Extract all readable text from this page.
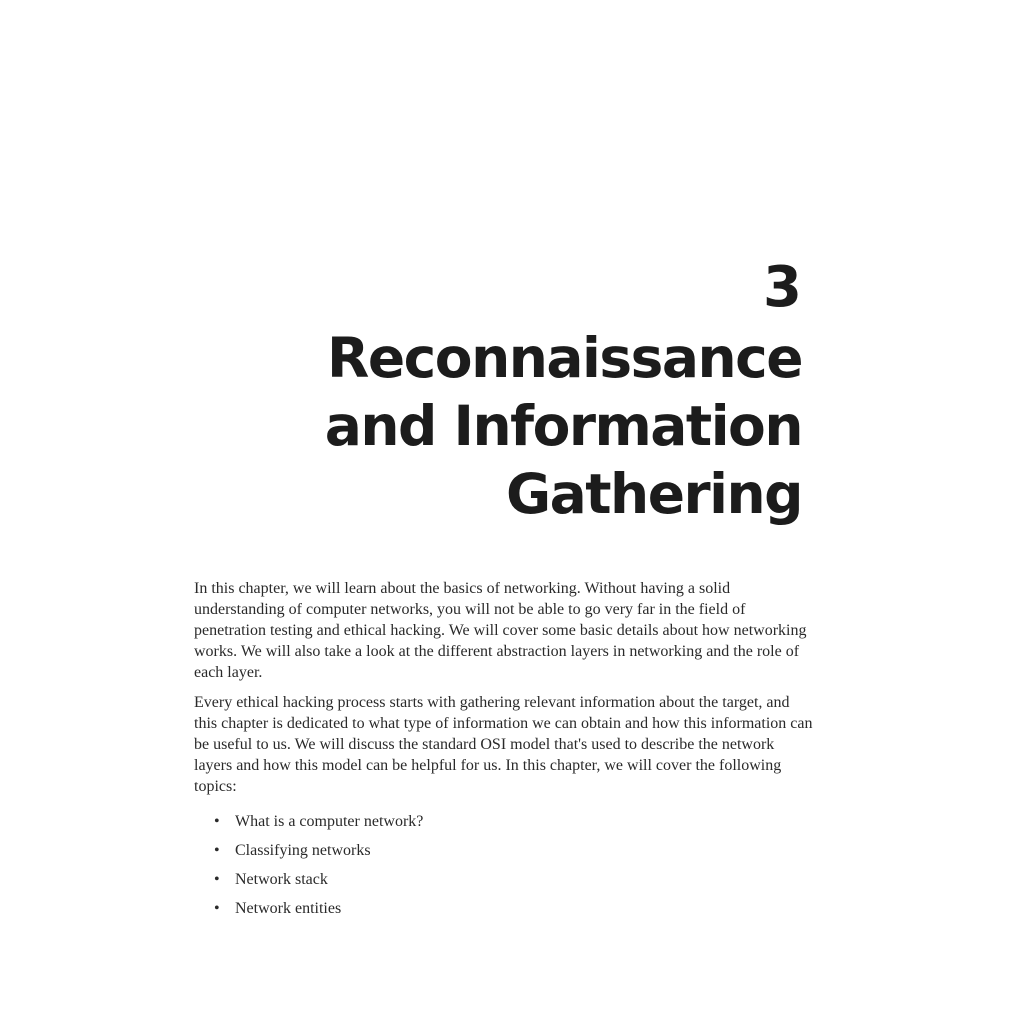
3
Reconnaissance
and Information
Gathering

In this chapter, we will learn about the basics of networking. Without having a solid understanding of computer networks, you will not be able to go very far in the field of penetration testing and ethical hacking. We will cover some basic details about how networking works. We will also take a look at the different abstraction layers in networking and the role of each layer.

Every ethical hacking process starts with gathering relevant information about the target, and this chapter is dedicated to what type of information we can obtain and how this information can be useful to us. We will discuss the standard OSI model that's used to describe the network layers and how this model can be helpful for us. In this chapter, we will cover the following topics:

• What is a computer network?
• Classifying networks
• Network stack
• Network entities
